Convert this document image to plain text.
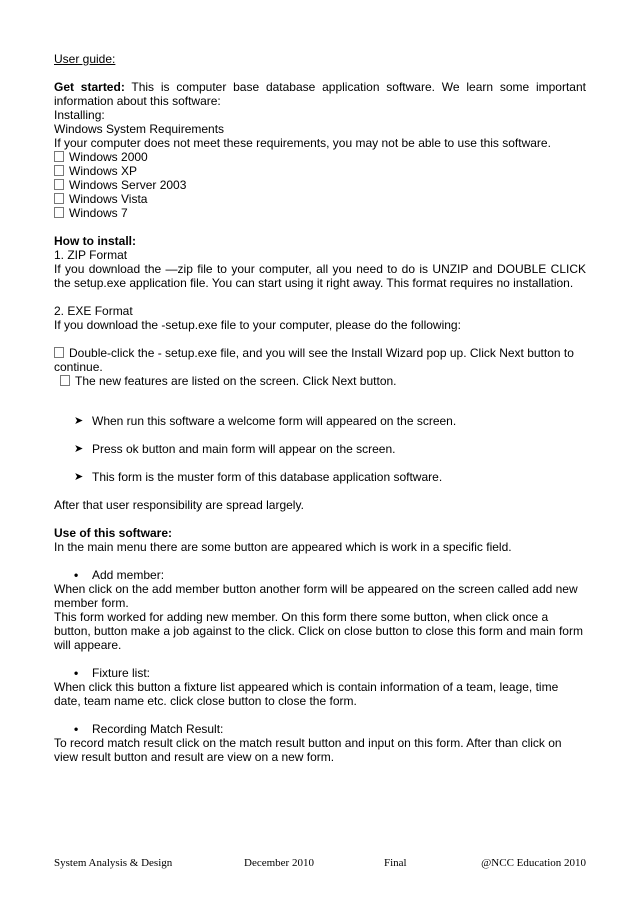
User guide:

Get started: This is computer base database application software. We learn some important information about this software:

Installing:

Windows System Requirements

If your computer does not meet these requirements, you may not be able to use this software.

Windows 2000

Windows XP

Windows Server 2003

Windows Vista

Windows 7

How to install:

1. ZIP Format

If you download the —zip file to your computer, all you need to do is UNZIP and DOUBLE CLICK the setup.exe application file. You can start using it right away. This format requires no installation.

2. EXE Format

If you download the -setup.exe file to your computer, please do the following:

Double-click the - setup.exe file, and you will see the Install Wizard pop up. Click Next button to continue.

The new features are listed on the screen. Click Next button.

➤ When run this software a welcome form will appeared on the screen.
➤ Press ok button and main form will appear on the screen.
➤ This form is the muster form of this database application software.

After that user responsibility are spread largely.

Use of this software:

In the main menu there are some button are appeared which is work in a specific field.

• Add member:

When click on the add member button another form will be appeared on the screen called add new member form.

This form worked for adding new member. On this form there some button, when click once a button, button make a job against to the click. Click on close button to close this form and main form will appeare.

• Fixture list:

When click this button a fixture list appeared which is contain information of a team, leage, time date, team name etc. click close button to close the form.

• Recording Match Result:

To record match result click on the match result button and input on this form. After than click on view result button and result are view on a new form.

System Analysis & Design	December 2010	Final	@NCC Education 2010
